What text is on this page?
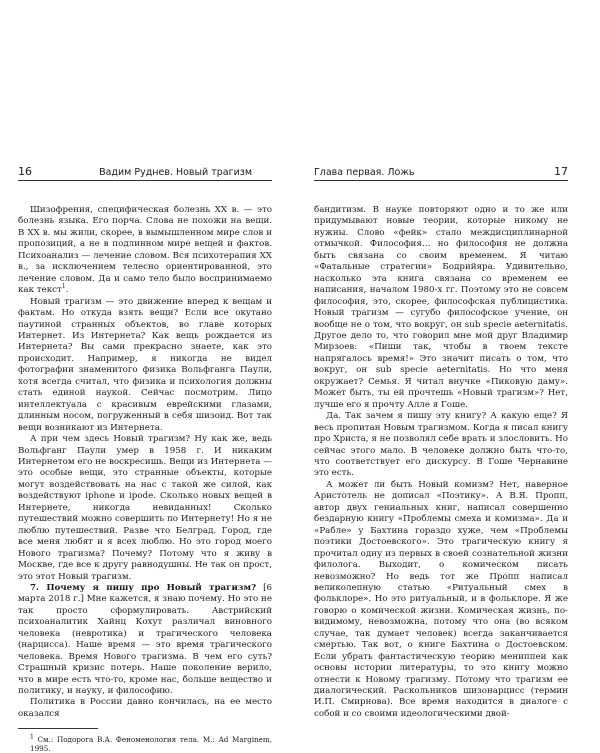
16	Вадим Руднев. Новый трагизм

Шизофрения, специфическая болезнь XX в. — это болезнь языка. Его порча. Слова не похожи на вещи. В XX в. мы жили, скорее, в вымышленном мире слов и пропозиций, а не в подлинном мире вещей и фактов. Психоанализ — лечение словом. Вся психотерапия XX в., за исключением телесно ориентированной, это лечение словом. Да и само тело было воспринимаемо как текст$^1$.

Новый трагизм — это движение вперед к вещам и фактам. Но откуда взять вещи? Если все окутано паутиной странных объектов, во главе которых Интернет. Из Интернета? Как вещь рождается из Интернета? Вы сами прекрасно знаете, как это происходит. Например, я никогда не видел фотографии знаменитого физика Вольфганга Паули, хотя всегда считал, что физика и психология должны стать единой наукой. Сейчас посмотрим. Лицо интеллектуала с красивым еврейскими глазами, длинным носом, погруженный в себя шизоид. Вот так вещи возникают из Интернета.

А при чем здесь Новый трагизм? Ну как же, ведь Вольфганг Паули умер в 1958 г. И никаким Интернетом его не воскресишь. Вещи из Интернета — это особые вещи, это странные объекты, которые могут воздействовать на нас с такой же силой, как воздействуют iphone и ipode. Сколько новых вещей в Интернете, никогда невиданных! Сколько путешествий можно совершить по Интернету! Но я не люблю путешествий. Разве что Белград. Город, где все меня любят и я всех люблю. Но это город моего Нового трагизма? Почему? Потому что я живу в Москве, где все к другу равнодушны. Не так он прост, это этот Новый трагизм.

7. Почему я пишу про Новый трагизм? [6 марта 2018 г.] Мне кажется, я знаю почему. Но это не так просто сформулировать. Австрийский психоаналитик Хайнц Кохут различал виновного человека (невротика) и трагического человека (нарцисса). Наше время — это время трагического человека. Время Нового трагизма. В чем его суть? Страшный кризис потерь. Наше поколение верило, что в мире есть что-то, кроме нас, больше вещество и политику, и науку, и философию.

Политика в России давно кончилась, на ее место оказался

$^1$ См.: Подорога В.А. Феноменология тела. М.: Ad Marginem, 1995.
Глава первая. Ложь	17

бандитизм. В науке повторяют одно и то же или придумывают новые теории, которые никому не нужны. Слово «фейк» стало междисциплинарной отмычкой. Философия… но философия не должна быть связана со своим временем. Я читаю «Фатальные стратегии» Бодрийяра. Удивительно, насколько эта книга связана со временем ее написания, началом 1980-х гг. Поэтому это не совсем философия, это, скорее, философская публицистика. Новый трагизм — сугубо философское учение, он вообще не о том, что вокруг, он sub specie aeternitatis. Другое дело то, что говорил мне мой друг Владимир Мирзоев: «Пиши так, чтобы в твоем тексте напрягалось время!» Это значит писать о том, что вокруг, он sub specie aeternitatis. Но что меня окружает? Семья. Я читал внучке «Пиковую даму». Может быть, ты ей прочтешь «Новый трагизм»? Нет, лучше его я прочту Алле я Гоше.

Да. Так зачем я пишу эту книгу? А какую еще? Я весь пропитан Новым трагизмом. Когда я писал книгу про Христа, я не позволял себе врать и злословить. Но сейчас этого мало. В человеке должно быть что-то, что соответствует его дискурсу. В Гоше Чернавине это есть.

А может ли быть Новый комизм? Нет, наверное Аристотель не дописал «Поэтику». А В.Я. Пропп, автор двух гениальных книг, написал совершенно бездарную книгу «Проблемы смеха и комизма». Да и «Рабле» у Бахтина гораздо хуже, чем «Проблемы поэтики Достоевского». Это трагическую книгу я прочитал одну из первых в своей сознательной жизни филолога. Выходит, о комическом писать невозможно? Но ведь тот же Пропп написал великолепную статью «Ритуальный смех в фольклоре». Но это ритуальный, и в фольклоре. Я же говорю о комической жизни. Комическая жизнь, по-видимому, невозможна, потому что она (во всяком случае, так думает человек) всегда заканчивается смертью. Так вот, о книге Бахтина о Достоевском. Если убрать фантастическую теорию мениппеи как основы истории литературы, то это книгу можно отнести к Новому трагизму. Потому что трагизм ее диалогический. Раскольников шизонарцисс (термин И.П. Смирнова). Все время находится в диалоге с собой и со своими идеологическими двой-
